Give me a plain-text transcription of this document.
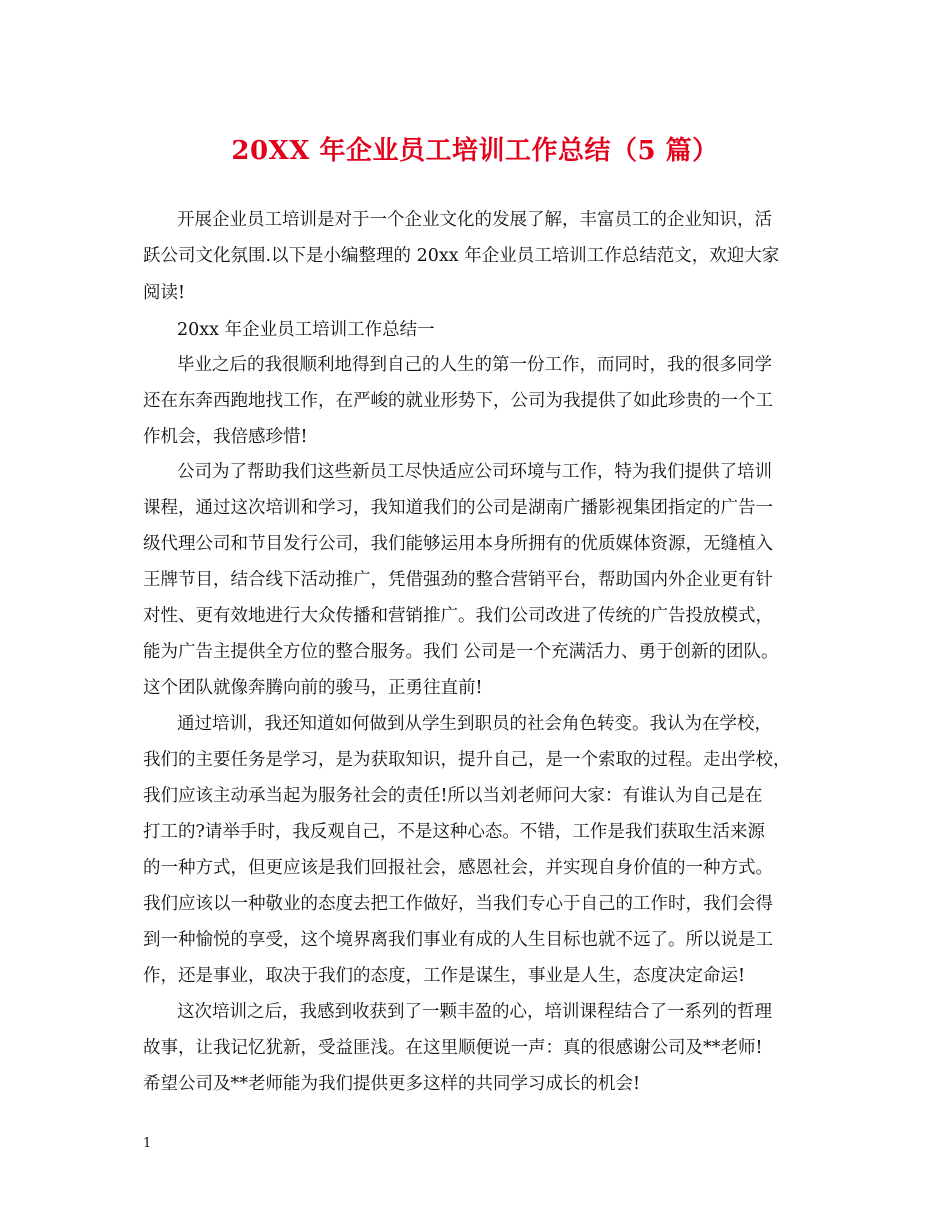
20XX 年企业员工培训工作总结（5 篇）
开展企业员工培训是对于一个企业文化的发展了解，丰富员工的企业知识，活
跃公司文化氛围.以下是小编整理的 20xx 年企业员工培训工作总结范文，欢迎大家
阅读!
20xx 年企业员工培训工作总结一
毕业之后的我很顺利地得到自己的人生的第一份工作，而同时，我的很多同学
还在东奔西跑地找工作，在严峻的就业形势下，公司为我提供了如此珍贵的一个工
作机会，我倍感珍惜!
公司为了帮助我们这些新员工尽快适应公司环境与工作，特为我们提供了培训
课程，通过这次培训和学习，我知道我们的公司是湖南广播影视集团指定的广告一
级代理公司和节目发行公司，我们能够运用本身所拥有的优质媒体资源，无缝植入
王牌节目，结合线下活动推广，凭借强劲的整合营销平台，帮助国内外企业更有针
对性、更有效地进行大众传播和营销推广。我们公司改进了传统的广告投放模式，
能为广告主提供全方位的整合服务。我们 公司是一个充满活力、勇于创新的团队。
这个团队就像奔腾向前的骏马，正勇往直前!
通过培训，我还知道如何做到从学生到职员的社会角色转变。我认为在学校，
我们的主要任务是学习，是为获取知识，提升自己，是一个索取的过程。走出学校，
我们应该主动承当起为服务社会的责任!所以当刘老师问大家：有谁认为自己是在
打工的?请举手时，我反观自己，不是这种心态。不错，工作是我们获取生活来源
的一种方式，但更应该是我们回报社会，感恩社会，并实现自身价值的一种方式。
我们应该以一种敬业的态度去把工作做好，当我们专心于自己的工作时，我们会得
到一种愉悦的享受，这个境界离我们事业有成的人生目标也就不远了。所以说是工
作，还是事业，取决于我们的态度，工作是谋生，事业是人生，态度决定命运!
这次培训之后，我感到收获到了一颗丰盈的心，培训课程结合了一系列的哲理
故事，让我记忆犹新，受益匪浅。在这里顺便说一声：真的很感谢公司及**老师!
希望公司及**老师能为我们提供更多这样的共同学习成长的机会!
1
